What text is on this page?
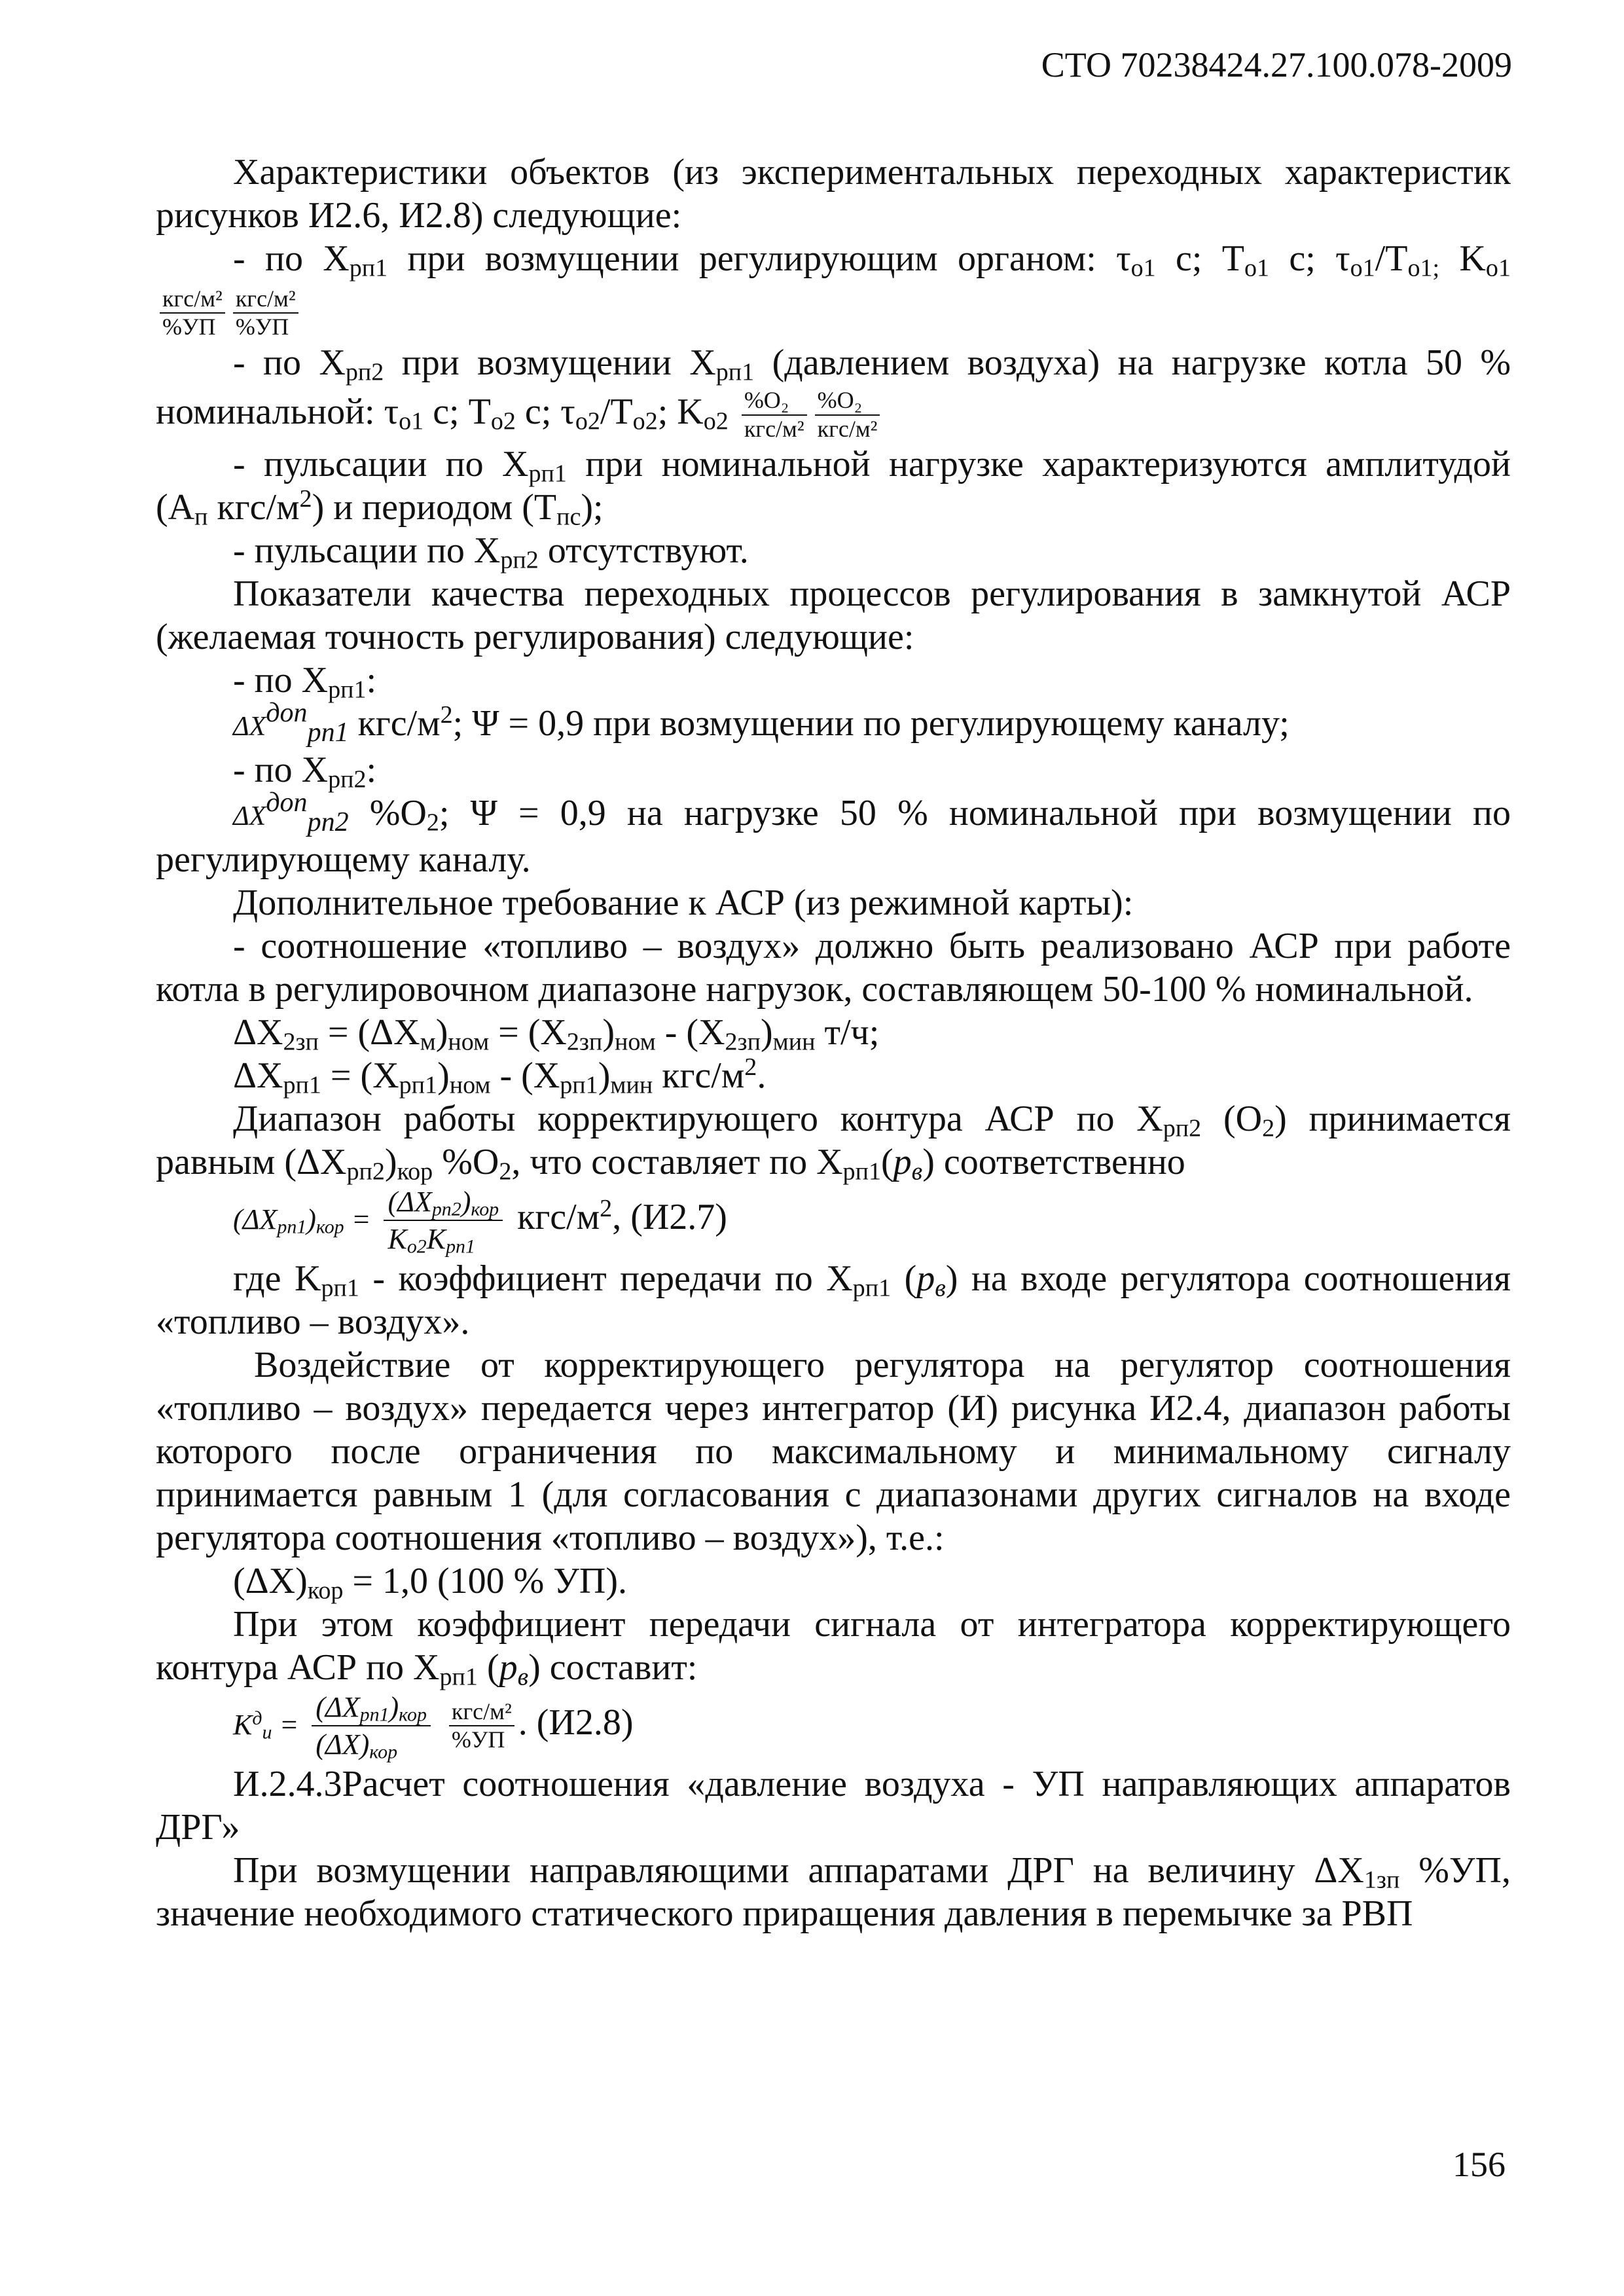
СТО 70238424.27.100.078-2009

Характеристики объектов (из экспериментальных переходных характеристик рисунков И2.6, И2.8) следующие:

- по $X_{рп1}$ при возмущении регулирующим органом: $\tau_{о1}$ с; $T_{о1}$ с; $\tau_{о1}/T_{о1;}$ $K_{о1}$

$\frac{\text{кгс/м²}}{\%УП} \frac{\text{кгс/м²}}{\%УП}$

- по $X_{рп2}$ при возмущении $X_{рп1}$ (давлением воздуха) на нагрузке котла 50 %

номинальной: $\tau_{о1}$ с; $T_{о2}$ с; $\tau_{о2}/T_{о2}$; $K_{о2} \frac{\text{\%O₂}}{\text{кгс/м²}} \frac{\text{\%O₂}}{\text{кгс/м²}}$

- пульсации по $X_{рп1}$ при номинальной нагрузке характеризуются амплитудой

($A_п$ кгс/$м^2$) и периодом $(T_{пс})$;

- пульсации по $X_{рп2}$ отсутствуют.

Показатели качества переходных процессов регулирования в замкнутой АСР (желаемая точность регулирования) следующие:

- по $X_{рп1}$:

$\Delta X^{доп}_{рп1}$ кгс/$м^2$; Ψ = 0,9 при возмущении по регулирующему каналу;

- по $X_{рп2}$:

$\Delta X^{доп}_{рп2}$ $\%O_2$; Ψ = 0,9 на нагрузке 50 % номинальной при возмущении по регулирующему каналу.

Дополнительное требование к АСР (из режимной карты):

- соотношение «топливо – воздух» должно быть реализовано АСР при работе котла в регулировочном диапазоне нагрузок, составляющем 50-100 % номинальной.

$\Delta X_{2зп} = (\Delta X_м)_{ном} = (X_{2зп})_{ном} - (X_{2зп})_{мин}$ т/ч;

$\Delta X_{рп1} = (X_{рп1})_{ном} - (X_{рп1})_{мин}$ кгс/$м^2$.

Диапазон работы корректирующего контура АСР по $X_{рп2}$ $(O_2)$ принимается равным $(\Delta X_{рп2})_{кор}$ $\%O_2$, что составляет по $X_{рп1}(p_в)$ соответственно

$(\Delta X_{рп1})_{кор}$ =
$(\Delta X_{рп2})_{кор}$
$K_{о2}K_{рп1}$
кгс/$м^2$, (И2.7)

где $K_{рп1}$ - коэффициент передачи по $X_{рп1}$ $(p_в)$ на входе регулятора соотношения «топливо – воздух».

Воздействие от корректирующего регулятора на регулятор соотношения «топливо – воздух» передается через интегратор (И) рисунка И2.4, диапазон работы которого после ограничения по максимальному и минимальному сигналу принимается равным 1 (для согласования с диапазонами других сигналов на входе регулятора соотношения «топливо – воздух»), т.е.:

$(\Delta X)_{кор} = 1,0$ (100 % УП).

При этом коэффициент передачи сигнала от интегратора корректирующего контура АСР по $X_{рп1}$ $(p_в)$ составит:

$K^д_и$ =
$(\Delta X_{рп1})_{кор}$
$(\Delta X)_{кор}$
	$\frac{\text{кгс/м²}}{\%УП}$ . (И2.8)

И.2.4.3Расчет соотношения «давление воздуха - УП направляющих аппаратов ДРГ»

При возмущении направляющими аппаратами ДРГ на величину $\Delta X_{1зп}$ %УП, значение необходимого статического приращения давления в перемычке за РВП

156
